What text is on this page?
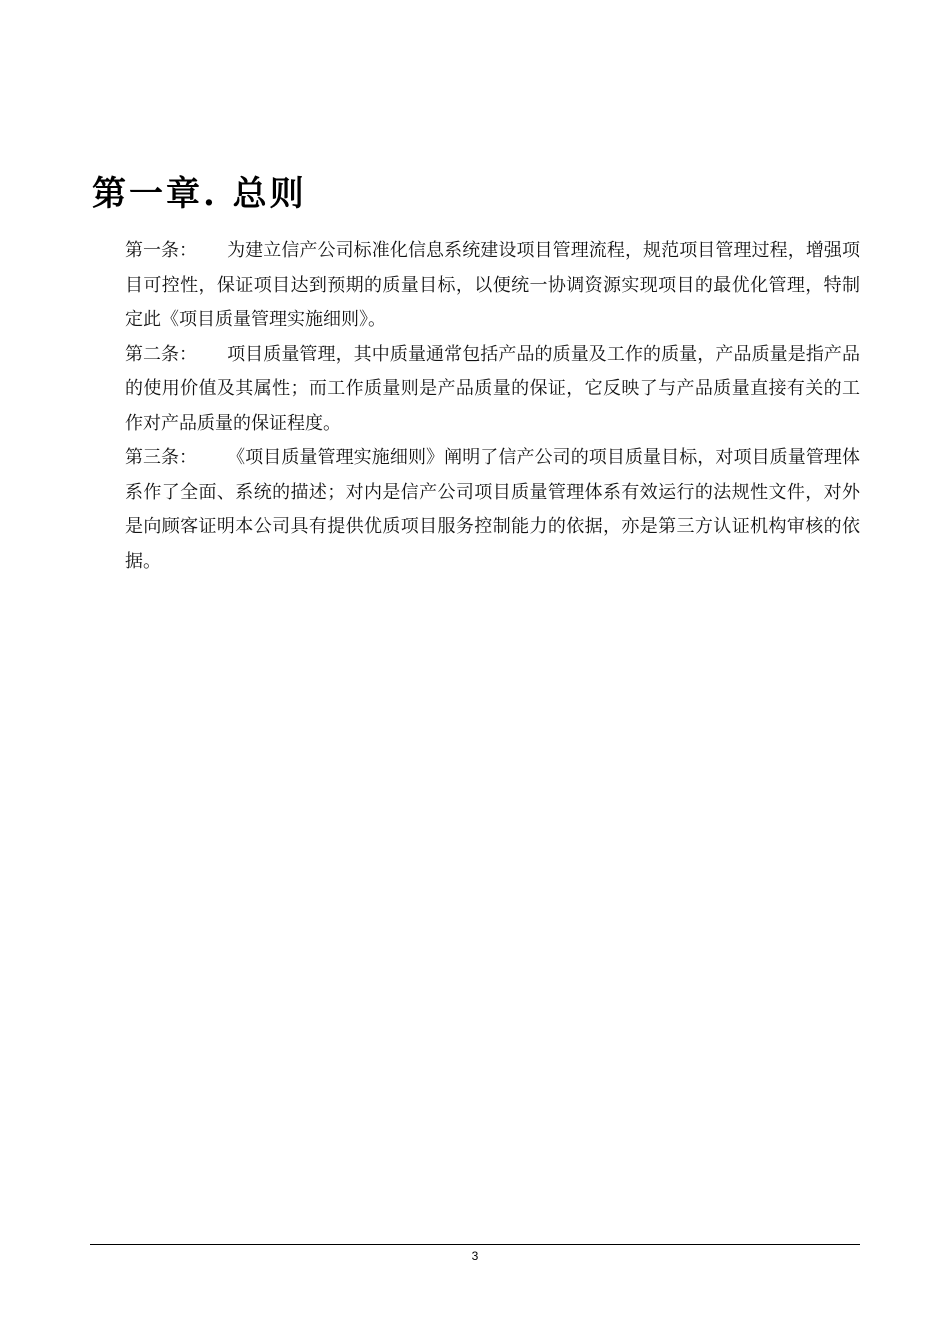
第一章. 总则

第一条： 为建立信产公司标准化信息系统建设项目管理流程，规范项目管理过程，增强项目可控性，保证项目达到预期的质量目标，以便统一协调资源实现项目的最优化管理，特制定此《项目质量管理实施细则》。

第二条： 项目质量管理，其中质量通常包括产品的质量及工作的质量，产品质量是指产品的使用价值及其属性；而工作质量则是产品质量的保证，它反映了与产品质量直接有关的工作对产品质量的保证程度。

第三条： 《项目质量管理实施细则》阐明了信产公司的项目质量目标，对项目质量管理体系作了全面、系统的描述；对内是信产公司项目质量管理体系有效运行的法规性文件，对外是向顾客证明本公司具有提供优质项目服务控制能力的依据，亦是第三方认证机构审核的依据。

3
